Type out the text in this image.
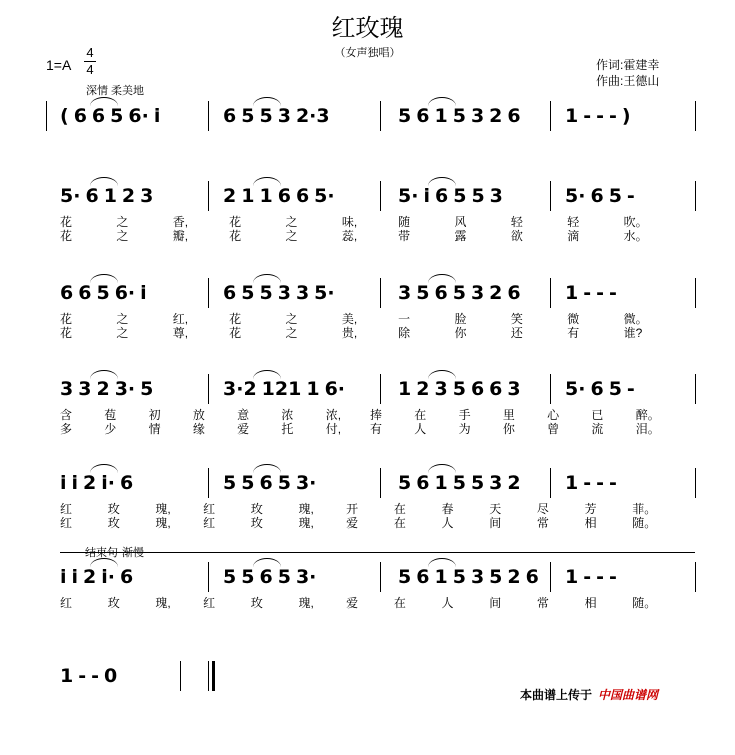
红玫瑰
（女声独唱）
1=A
4
4
深情 柔美地
作词:霍建幸
作曲:王德山
( 6 6 5 6· i	6 5 5 3 2·3	5 6 1 5 3 2 6 1 - - - )
5· 6 1 2 3	2 1 1 6 6 5·	5· i 6 5 5 3	5· 6 5 -
花	之	香,	花	之	味,	随	风	轻	轻	吹。
花	之	瓣,	花	之	蕊,	带	露	欲	滴	水。
6 6 5 6· i	6 5 5 3 3 5·	3 5 6 5 3 2 6 1 - - -
花	之	红,	花	之	美,	一	脸	笑	微	微。
花	之	尊,	花	之	贵,	除	你	还	有	谁?
3 3 2 3· 5	3·2 121 1 6·	1 2 3 5 6 6 3 5· 6 5 -
含	苞	初	放	意	浓	浓, 捧	在	手	里	心	已	醉。
多	少	情	缘	爱	托	付, 有	人	为	你	曾	流	泪。
i i 2 i· 6	5 5 6 5 3·	5 6 1 5 5 3 2 1 - - -
红	玫	瑰,	红	玫	瑰,	开	在	春	天	尽	芳	菲。
红	玫	瑰,	红	玫	瑰,	爱	在	人	间	常	相	随。
结束句 渐慢
i i 2 i· 6	5 5 6 5 3·	5 6 1 5 3 5 2 6 1 - - -
红	玫	瑰,	红	玫	瑰,	爱	在	人	间	常	相	随。
1 - - 0
本曲谱上传于 中国曲谱网
